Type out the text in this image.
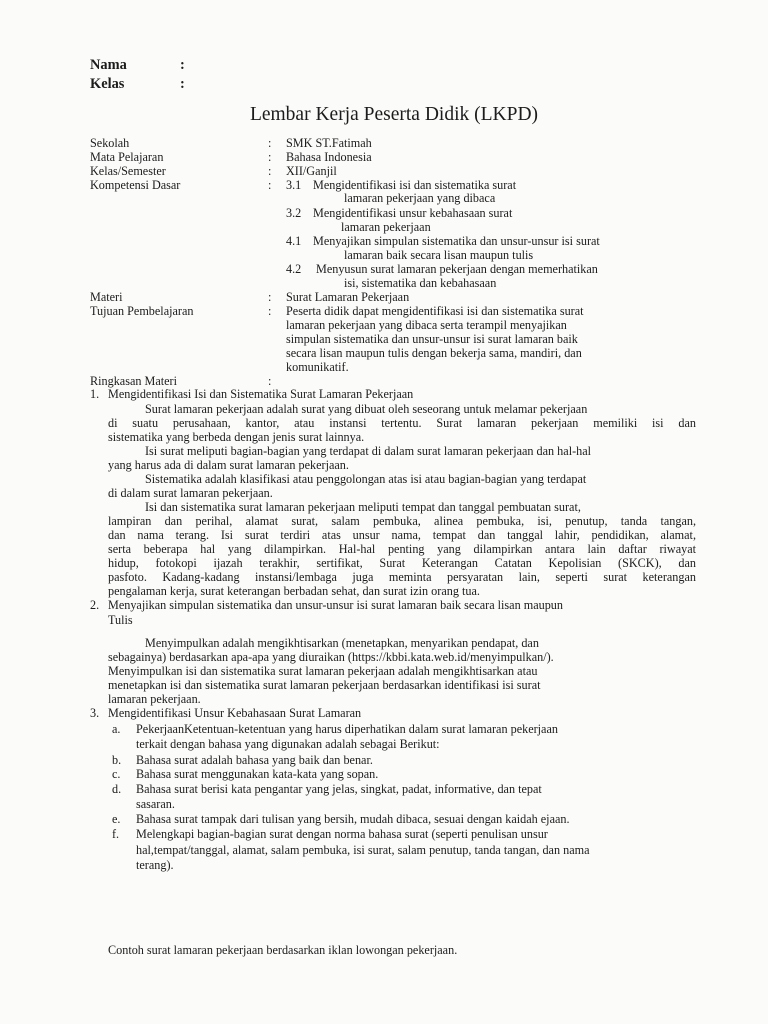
Nama	:
Kelas	:
Lembar Kerja Peserta Didik (LKPD)
Sekolah	: SMK ST.Fatimah
Mata Pelajaran	: Bahasa Indonesia
Kelas/Semester	: XII/Ganjil
Kompetensi Dasar	: 3.1 Mengidentifikasi isi dan sistematika surat
lamaran pekerjaan yang dibaca
3.2 Mengidentifikasi unsur kebahasaan surat
lamaran pekerjaan
4.1 Menyajikan simpulan sistematika dan unsur-unsur isi surat
lamaran baik secara lisan maupun tulis
4.2 Menyusun surat lamaran pekerjaan dengan memerhatikan
isi, sistematika dan kebahasaan
Materi	: Surat Lamaran Pekerjaan
Tujuan Pembelajaran	: Peserta didik dapat mengidentifikasi isi dan sistematika surat
lamaran pekerjaan yang dibaca serta terampil menyajikan
simpulan sistematika dan unsur-unsur isi surat lamaran baik
secara lisan maupun tulis dengan bekerja sama, mandiri, dan
komunikatif.
Ringkasan Materi	:
1. Mengidentifikasi Isi dan Sistematika Surat Lamaran Pekerjaan
Surat lamaran pekerjaan adalah surat yang dibuat oleh seseorang untuk melamar pekerjaan
di suatu perusahaan, kantor, atau instansi tertentu. Surat lamaran pekerjaan memiliki isi dan
sistematika yang berbeda dengan jenis surat lainnya.
Isi surat meliputi bagian-bagian yang terdapat di dalam surat lamaran pekerjaan dan hal-hal
yang harus ada di dalam surat lamaran pekerjaan.
Sistematika adalah klasifikasi atau penggolongan atas isi atau bagian-bagian yang terdapat
di dalam surat lamaran pekerjaan.
Isi dan sistematika surat lamaran pekerjaan meliputi tempat dan tanggal pembuatan surat,
lampiran dan perihal, alamat surat, salam pembuka, alinea pembuka, isi, penutup, tanda tangan,
dan nama terang. Isi surat terdiri atas unsur nama, tempat dan tanggal lahir, pendidikan, alamat,
serta beberapa hal yang dilampirkan. Hal-hal penting yang dilampirkan antara lain daftar riwayat
hidup, fotokopi ijazah terakhir, sertifikat, Surat Keterangan Catatan Kepolisian (SKCK), dan
pasfoto. Kadang-kadang instansi/lembaga juga meminta persyaratan lain, seperti surat keterangan
pengalaman kerja, surat keterangan berbadan sehat, dan surat izin orang tua.
2. Menyajikan simpulan sistematika dan unsur-unsur isi surat lamaran baik secara lisan maupun
Tulis
Menyimpulkan adalah mengikhtisarkan (menetapkan, menyarikan pendapat, dan
sebagainya) berdasarkan apa-apa yang diuraikan (https://kbbi.kata.web.id/menyimpulkan/).
Menyimpulkan isi dan sistematika surat lamaran pekerjaan adalah mengikhtisarkan atau
menetapkan isi dan sistematika surat lamaran pekerjaan berdasarkan identifikasi isi surat
lamaran pekerjaan.
3. Mengidentifikasi Unsur Kebahasaan Surat Lamaran
a. PekerjaanKetentuan-ketentuan yang harus diperhatikan dalam surat lamaran pekerjaan
terkait dengan bahasa yang digunakan adalah sebagai Berikut:
b. Bahasa surat adalah bahasa yang baik dan benar.
c. Bahasa surat menggunakan kata-kata yang sopan.
d. Bahasa surat berisi kata pengantar yang jelas, singkat, padat, informative, dan tepat
sasaran.
e. Bahasa surat tampak dari tulisan yang bersih, mudah dibaca, sesuai dengan kaidah ejaan.
f. Melengkapi bagian-bagian surat dengan norma bahasa surat (seperti penulisan unsur
hal,tempat/tanggal, alamat, salam pembuka, isi surat, salam penutup, tanda tangan, dan nama
terang).
Contoh surat lamaran pekerjaan berdasarkan iklan lowongan pekerjaan.
